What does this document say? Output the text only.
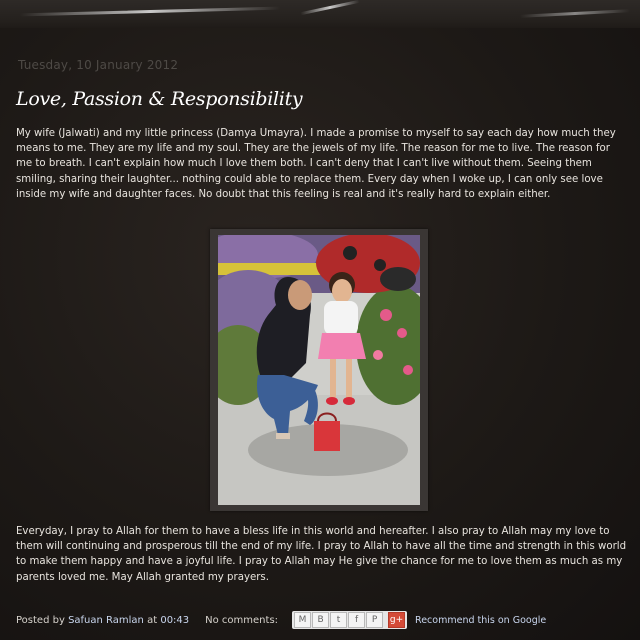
Tuesday, 10 January 2012
Love, Passion & Responsibility
My wife (Jalwati) and my little princess (Damya Umayra). I made a promise to myself to say each day how much they means to me. They are my life and my soul. They are the jewels of my life. The reason for me to live. The reason for me to breath. I can't explain how much I love them both. I can't deny that I can't live without them. Seeing them smiling, sharing their laughter... nothing could able to replace them. Every day when I woke up, I can only see love inside my wife and daughter faces. No doubt that this feeling is real and it's really hard to explain either.
Everyday, I pray to Allah for them to have a bless life in this world and hereafter. I also pray to Allah may my love to them will continuing and prosperous till the end of my life. I pray to Allah to have all the time and strength in this world to make them happy and have a joyful life. I pray to Allah may He give the chance for me to love them as much as my parents loved me. May Allah granted my prayers.
Posted by
Safuan Ramlan
at
00:43 No comments:	M	B	t	f	P	g+ Recommend this on Google
